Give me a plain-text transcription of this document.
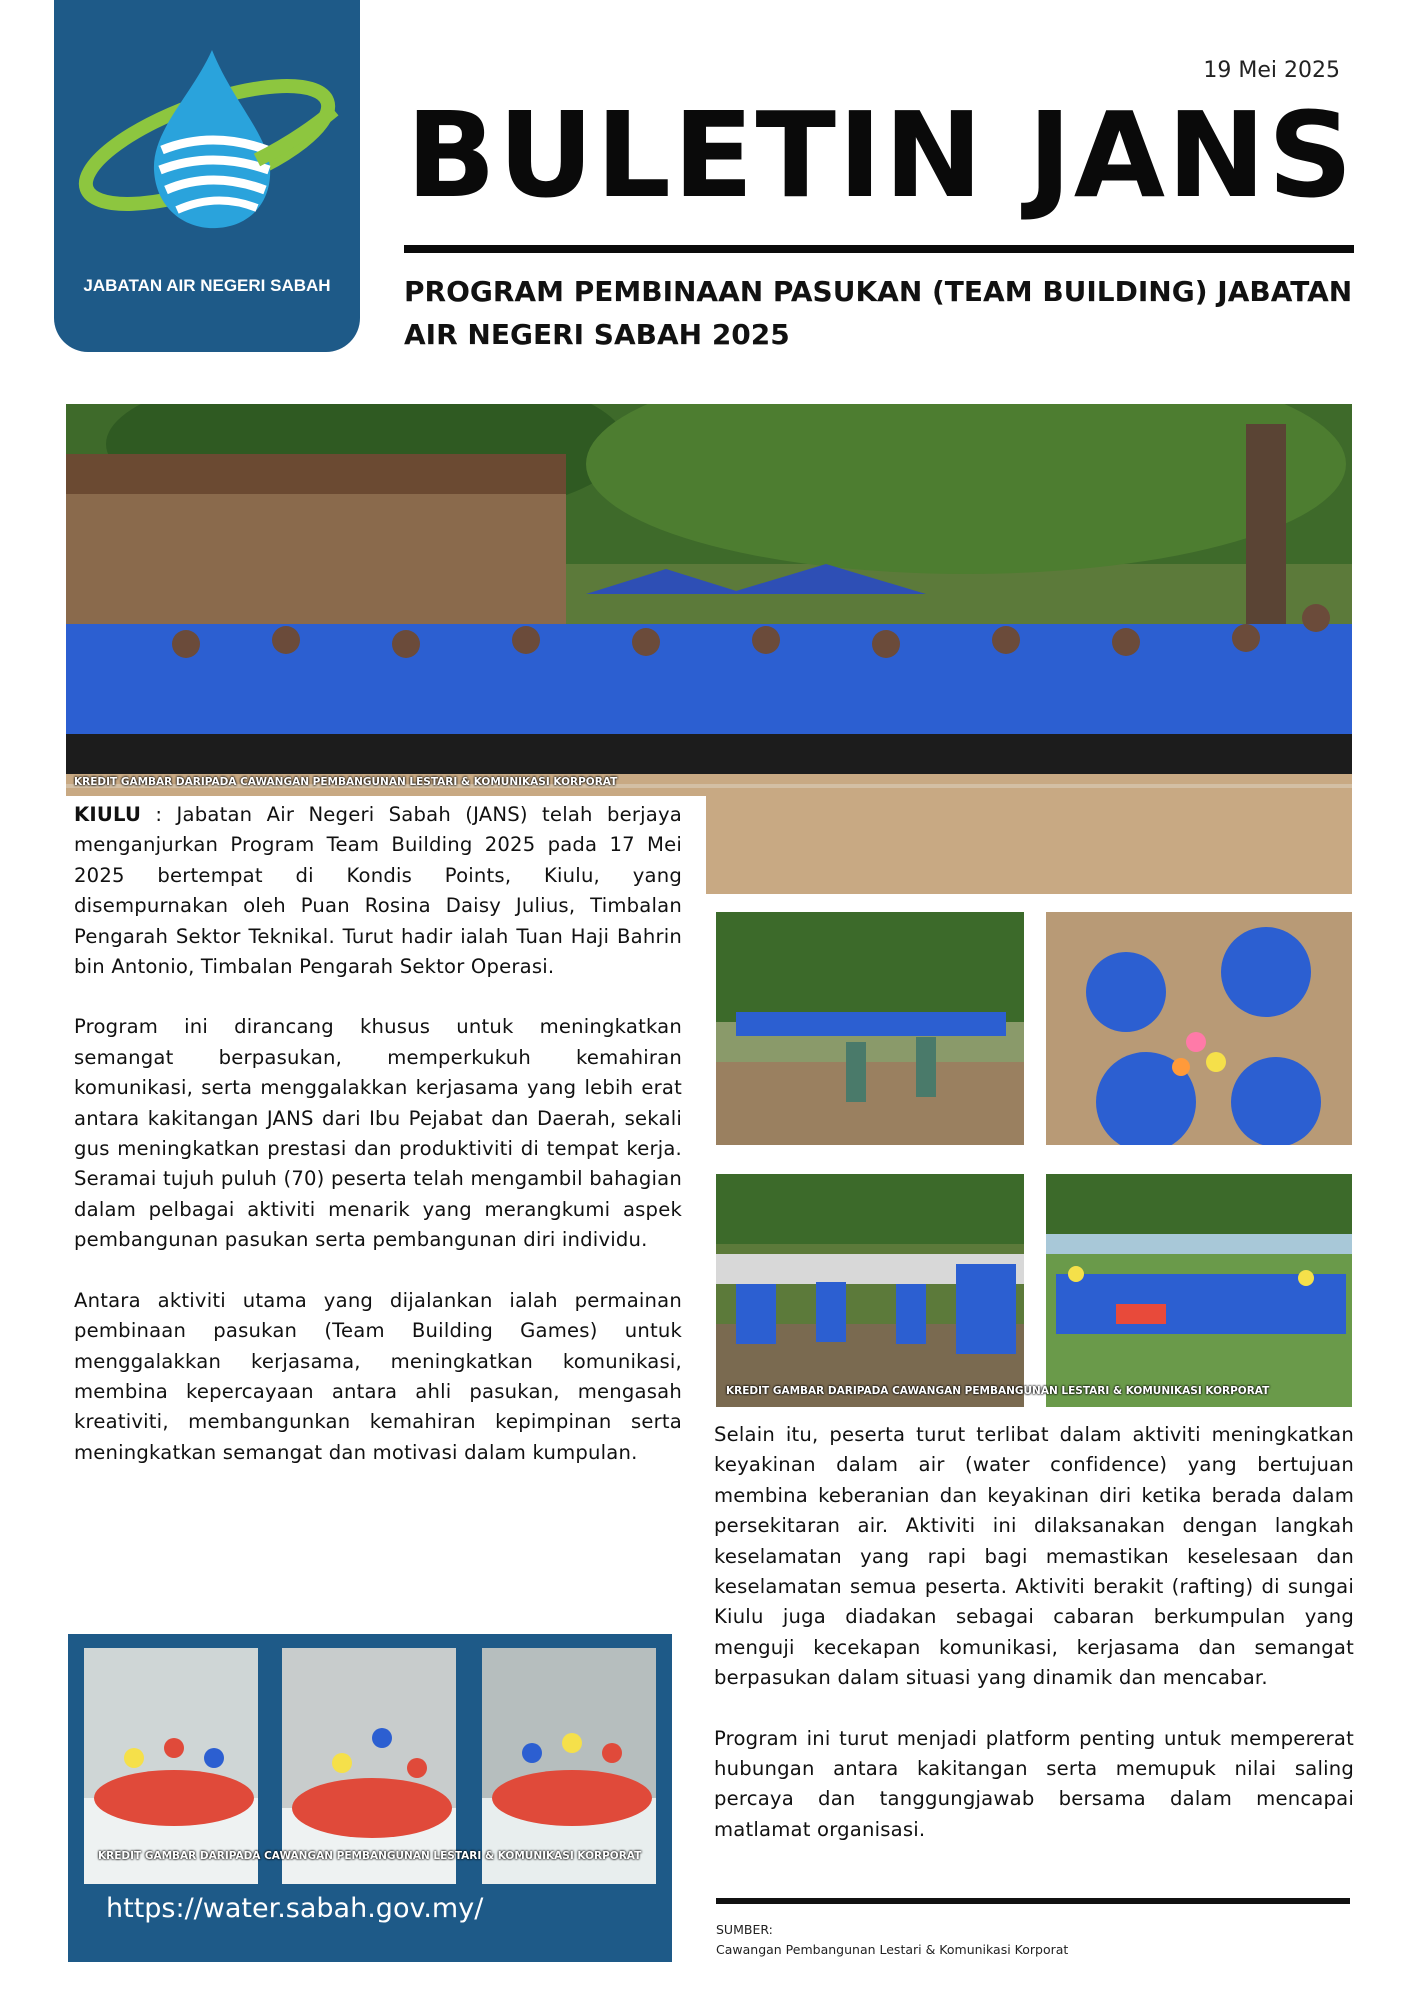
JABATAN AIR NEGERI SABAH
19 Mei 2025
BULETIN JANS
PROGRAM PEMBINAAN PASUKAN (TEAM BUILDING) JABATAN AIR NEGERI SABAH 2025
KREDIT GAMBAR DARIPADA CAWANGAN PEMBANGUNAN LESTARI & KOMUNIKASI KORPORAT
KREDIT GAMBAR DARIPADA CAWANGAN PEMBANGUNAN LESTARI & KOMUNIKASI KORPORAT

KIULU : Jabatan Air Negeri Sabah (JANS) telah berjaya menganjurkan Program Team Building 2025 pada 17 Mei 2025 bertempat di Kondis Points, Kiulu, yang disempurnakan oleh Puan Rosina Daisy Julius, Timbalan Pengarah Sektor Teknikal. Turut hadir ialah Tuan Haji Bahrin bin Antonio, Timbalan Pengarah Sektor Operasi.

Program ini dirancang khusus untuk meningkatkan semangat berpasukan, memperkukuh kemahiran komunikasi, serta menggalakkan kerjasama yang lebih erat antara kakitangan JANS dari Ibu Pejabat dan Daerah, sekali gus meningkatkan prestasi dan produktiviti di tempat kerja. Seramai tujuh puluh (70) peserta telah mengambil bahagian dalam pelbagai aktiviti menarik yang merangkumi aspek pembangunan pasukan serta pembangunan diri individu.

Antara aktiviti utama yang dijalankan ialah permainan pembinaan pasukan (Team Building Games) untuk menggalakkan kerjasama, meningkatkan komunikasi, membina kepercayaan antara ahli pasukan, mengasah kreativiti, membangunkan kemahiran kepimpinan serta meningkatkan semangat dan motivasi dalam kumpulan.

Selain itu, peserta turut terlibat dalam aktiviti meningkatkan keyakinan dalam air (water confidence) yang bertujuan membina keberanian dan keyakinan diri ketika berada dalam persekitaran air. Aktiviti ini dilaksanakan dengan langkah keselamatan yang rapi bagi memastikan keselesaan dan keselamatan semua peserta. Aktiviti berakit (rafting) di sungai Kiulu juga diadakan sebagai cabaran berkumpulan yang menguji kecekapan komunikasi, kerjasama dan semangat berpasukan dalam situasi yang dinamik dan mencabar.

Program ini turut menjadi platform penting untuk mempererat hubungan antara kakitangan serta memupuk nilai saling percaya dan tanggungjawab bersama dalam mencapai matlamat organisasi.

KREDIT GAMBAR DARIPADA CAWANGAN PEMBANGUNAN LESTARI & KOMUNIKASI KORPORAT
https://water.sabah.gov.my/
SUMBER:
Cawangan Pembangunan Lestari & Komunikasi Korporat
